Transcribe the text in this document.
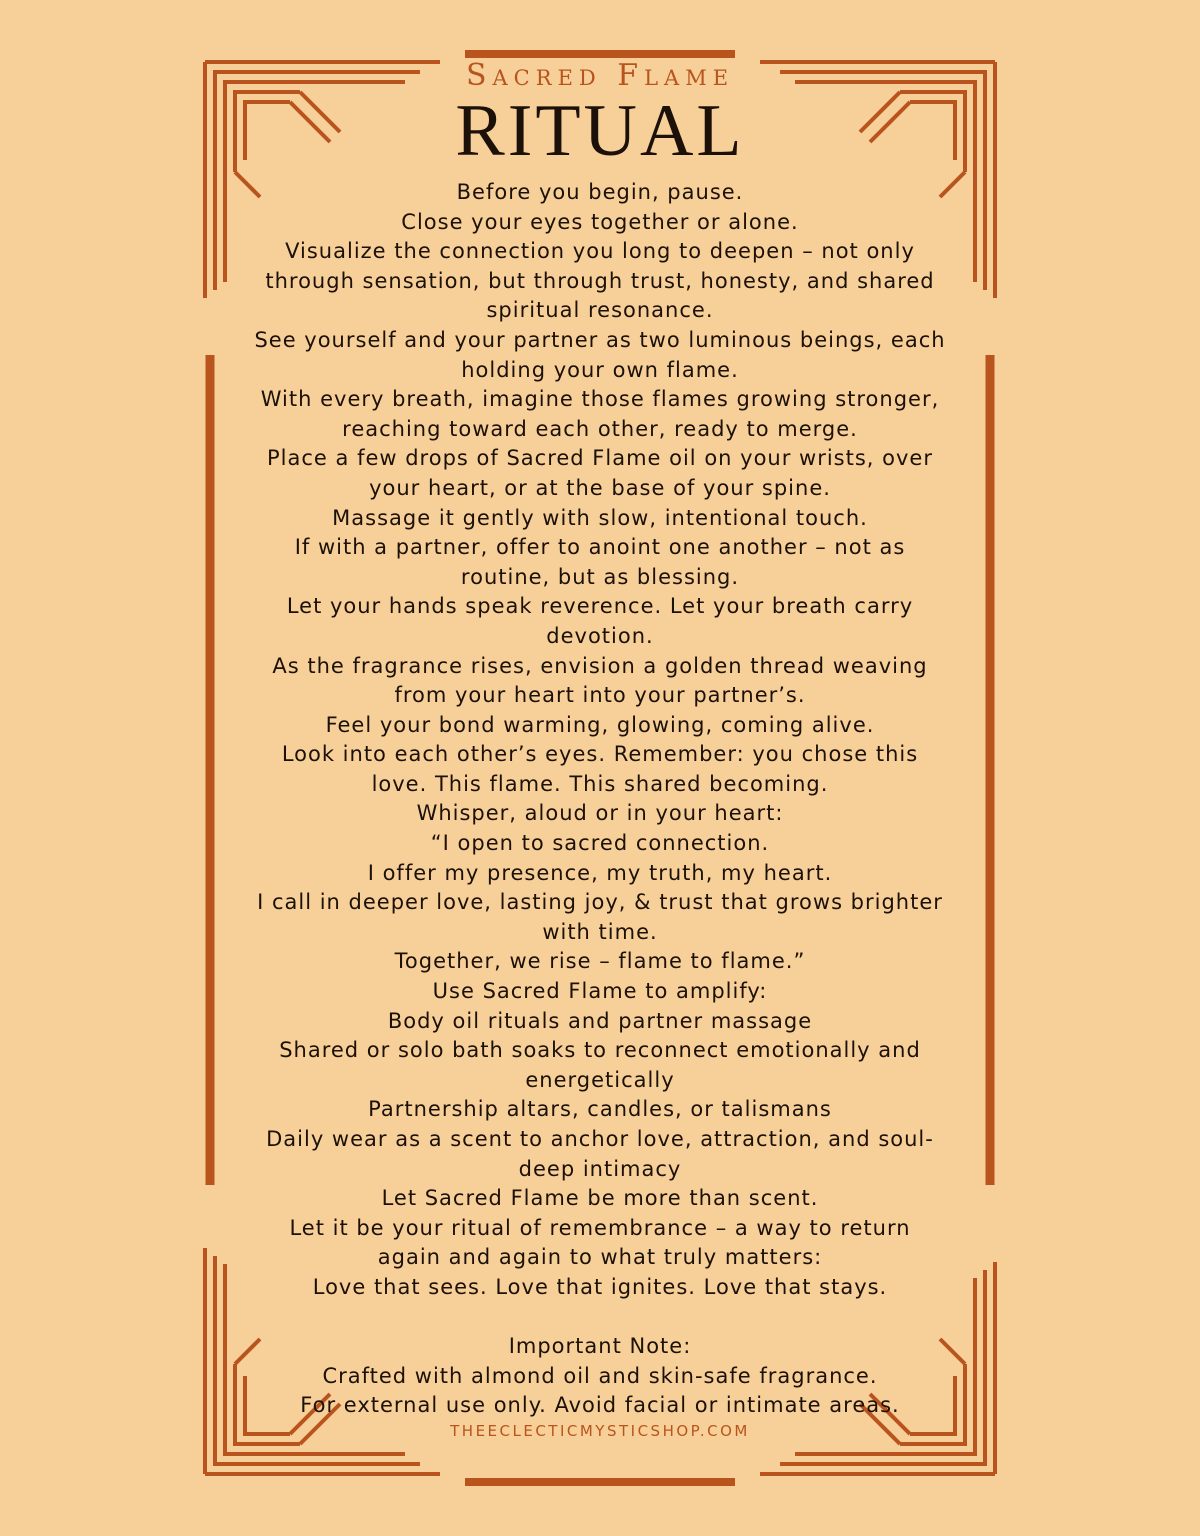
Sacred Flame
RITUAL
Before you begin, pause.
Close your eyes together or alone.
Visualize the connection you long to deepen – not only
through sensation, but through trust, honesty, and shared
spiritual resonance.
See yourself and your partner as two luminous beings, each
holding your own flame.
With every breath, imagine those flames growing stronger,
reaching toward each other, ready to merge.
Place a few drops of Sacred Flame oil on your wrists, over
your heart, or at the base of your spine.
Massage it gently with slow, intentional touch.
If with a partner, offer to anoint one another – not as
routine, but as blessing.
Let your hands speak reverence. Let your breath carry
devotion.
As the fragrance rises, envision a golden thread weaving
from your heart into your partner’s.
Feel your bond warming, glowing, coming alive.
Look into each other’s eyes. Remember: you chose this
love. This flame. This shared becoming.
Whisper, aloud or in your heart:
“I open to sacred connection.
I offer my presence, my truth, my heart.
I call in deeper love, lasting joy, & trust that grows brighter
with time.
Together, we rise – flame to flame.”
Use Sacred Flame to amplify:
Body oil rituals and partner massage
Shared or solo bath soaks to reconnect emotionally and
energetically
Partnership altars, candles, or talismans
Daily wear as a scent to anchor love, attraction, and soul-
deep intimacy
Let Sacred Flame be more than scent.
Let it be your ritual of remembrance – a way to return
again and again to what truly matters:
Love that sees. Love that ignites. Love that stays.
Important Note:
Crafted with almond oil and skin-safe fragrance.
For external use only. Avoid facial or intimate areas.
THEECLECTICMYSTICSHOP.COM
